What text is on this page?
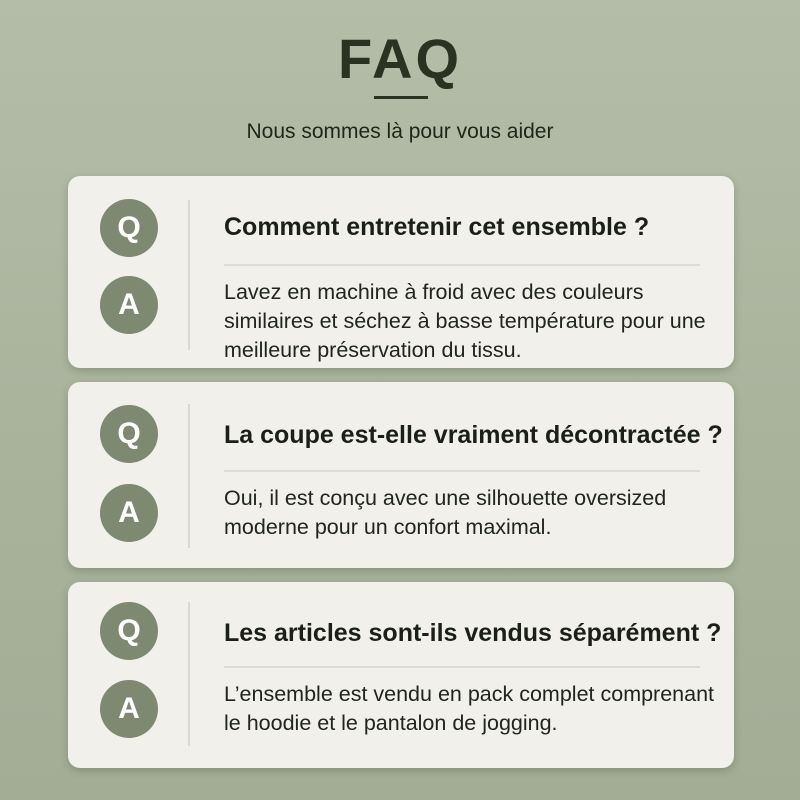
FAQ
Nous sommes là pour vous aider
Q
A
Comment entretenir cet ensemble ?
Lavez en machine à froid avec des couleurs similaires et séchez à basse température pour une meilleure préservation du tissu.
Q
A
La coupe est-elle vraiment décontractée ?
Oui, il est conçu avec une silhouette oversized moderne pour un confort maximal.
Q
A
Les articles sont-ils vendus séparément ?
L’ensemble est vendu en pack complet comprenant le hoodie et le pantalon de jogging.
